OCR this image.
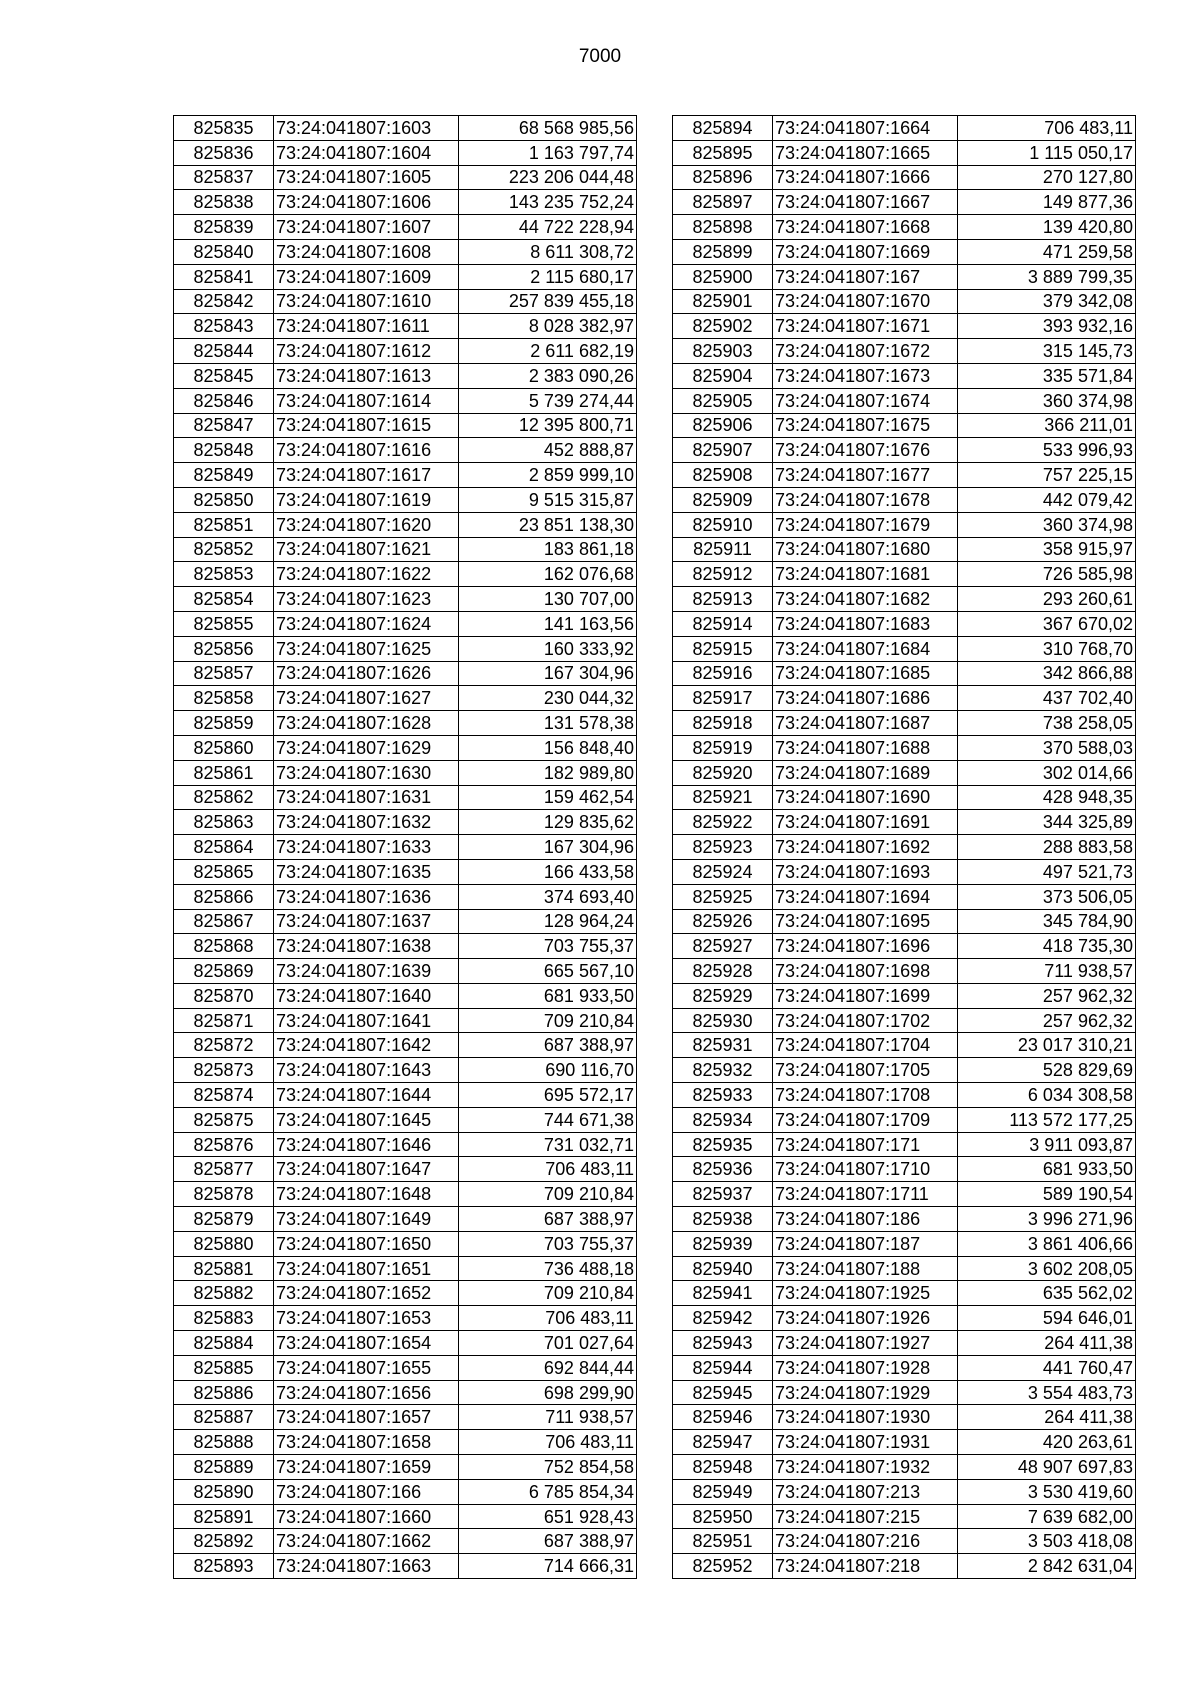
7000
825835	73:24:041807:1603	68 568 985,56
825836	73:24:041807:1604	1 163 797,74
825837	73:24:041807:1605	223 206 044,48
825838	73:24:041807:1606	143 235 752,24
825839	73:24:041807:1607	44 722 228,94
825840	73:24:041807:1608	8 611 308,72
825841	73:24:041807:1609	2 115 680,17
825842	73:24:041807:1610	257 839 455,18
825843	73:24:041807:1611	8 028 382,97
825844	73:24:041807:1612	2 611 682,19
825845	73:24:041807:1613	2 383 090,26
825846	73:24:041807:1614	5 739 274,44
825847	73:24:041807:1615	12 395 800,71
825848	73:24:041807:1616	452 888,87
825849	73:24:041807:1617	2 859 999,10
825850	73:24:041807:1619	9 515 315,87
825851	73:24:041807:1620	23 851 138,30
825852	73:24:041807:1621	183 861,18
825853	73:24:041807:1622	162 076,68
825854	73:24:041807:1623	130 707,00
825855	73:24:041807:1624	141 163,56
825856	73:24:041807:1625	160 333,92
825857	73:24:041807:1626	167 304,96
825858	73:24:041807:1627	230 044,32
825859	73:24:041807:1628	131 578,38
825860	73:24:041807:1629	156 848,40
825861	73:24:041807:1630	182 989,80
825862	73:24:041807:1631	159 462,54
825863	73:24:041807:1632	129 835,62
825864	73:24:041807:1633	167 304,96
825865	73:24:041807:1635	166 433,58
825866	73:24:041807:1636	374 693,40
825867	73:24:041807:1637	128 964,24
825868	73:24:041807:1638	703 755,37
825869	73:24:041807:1639	665 567,10
825870	73:24:041807:1640	681 933,50
825871	73:24:041807:1641	709 210,84
825872	73:24:041807:1642	687 388,97
825873	73:24:041807:1643	690 116,70
825874	73:24:041807:1644	695 572,17
825875	73:24:041807:1645	744 671,38
825876	73:24:041807:1646	731 032,71
825877	73:24:041807:1647	706 483,11
825878	73:24:041807:1648	709 210,84
825879	73:24:041807:1649	687 388,97
825880	73:24:041807:1650	703 755,37
825881	73:24:041807:1651	736 488,18
825882	73:24:041807:1652	709 210,84
825883	73:24:041807:1653	706 483,11
825884	73:24:041807:1654	701 027,64
825885	73:24:041807:1655	692 844,44
825886	73:24:041807:1656	698 299,90
825887	73:24:041807:1657	711 938,57
825888	73:24:041807:1658	706 483,11
825889	73:24:041807:1659	752 854,58
825890	73:24:041807:166	6 785 854,34
825891	73:24:041807:1660	651 928,43
825892	73:24:041807:1662	687 388,97
825893	73:24:041807:1663	714 666,31
825894	73:24:041807:1664	706 483,11
825895	73:24:041807:1665	1 115 050,17
825896	73:24:041807:1666	270 127,80
825897	73:24:041807:1667	149 877,36
825898	73:24:041807:1668	139 420,80
825899	73:24:041807:1669	471 259,58
825900	73:24:041807:167	3 889 799,35
825901	73:24:041807:1670	379 342,08
825902	73:24:041807:1671	393 932,16
825903	73:24:041807:1672	315 145,73
825904	73:24:041807:1673	335 571,84
825905	73:24:041807:1674	360 374,98
825906	73:24:041807:1675	366 211,01
825907	73:24:041807:1676	533 996,93
825908	73:24:041807:1677	757 225,15
825909	73:24:041807:1678	442 079,42
825910	73:24:041807:1679	360 374,98
825911	73:24:041807:1680	358 915,97
825912	73:24:041807:1681	726 585,98
825913	73:24:041807:1682	293 260,61
825914	73:24:041807:1683	367 670,02
825915	73:24:041807:1684	310 768,70
825916	73:24:041807:1685	342 866,88
825917	73:24:041807:1686	437 702,40
825918	73:24:041807:1687	738 258,05
825919	73:24:041807:1688	370 588,03
825920	73:24:041807:1689	302 014,66
825921	73:24:041807:1690	428 948,35
825922	73:24:041807:1691	344 325,89
825923	73:24:041807:1692	288 883,58
825924	73:24:041807:1693	497 521,73
825925	73:24:041807:1694	373 506,05
825926	73:24:041807:1695	345 784,90
825927	73:24:041807:1696	418 735,30
825928	73:24:041807:1698	711 938,57
825929	73:24:041807:1699	257 962,32
825930	73:24:041807:1702	257 962,32
825931	73:24:041807:1704	23 017 310,21
825932	73:24:041807:1705	528 829,69
825933	73:24:041807:1708	6 034 308,58
825934	73:24:041807:1709	113 572 177,25
825935	73:24:041807:171	3 911 093,87
825936	73:24:041807:1710	681 933,50
825937	73:24:041807:1711	589 190,54
825938	73:24:041807:186	3 996 271,96
825939	73:24:041807:187	3 861 406,66
825940	73:24:041807:188	3 602 208,05
825941	73:24:041807:1925	635 562,02
825942	73:24:041807:1926	594 646,01
825943	73:24:041807:1927	264 411,38
825944	73:24:041807:1928	441 760,47
825945	73:24:041807:1929	3 554 483,73
825946	73:24:041807:1930	264 411,38
825947	73:24:041807:1931	420 263,61
825948	73:24:041807:1932	48 907 697,83
825949	73:24:041807:213	3 530 419,60
825950	73:24:041807:215	7 639 682,00
825951	73:24:041807:216	3 503 418,08
825952	73:24:041807:218	2 842 631,04
